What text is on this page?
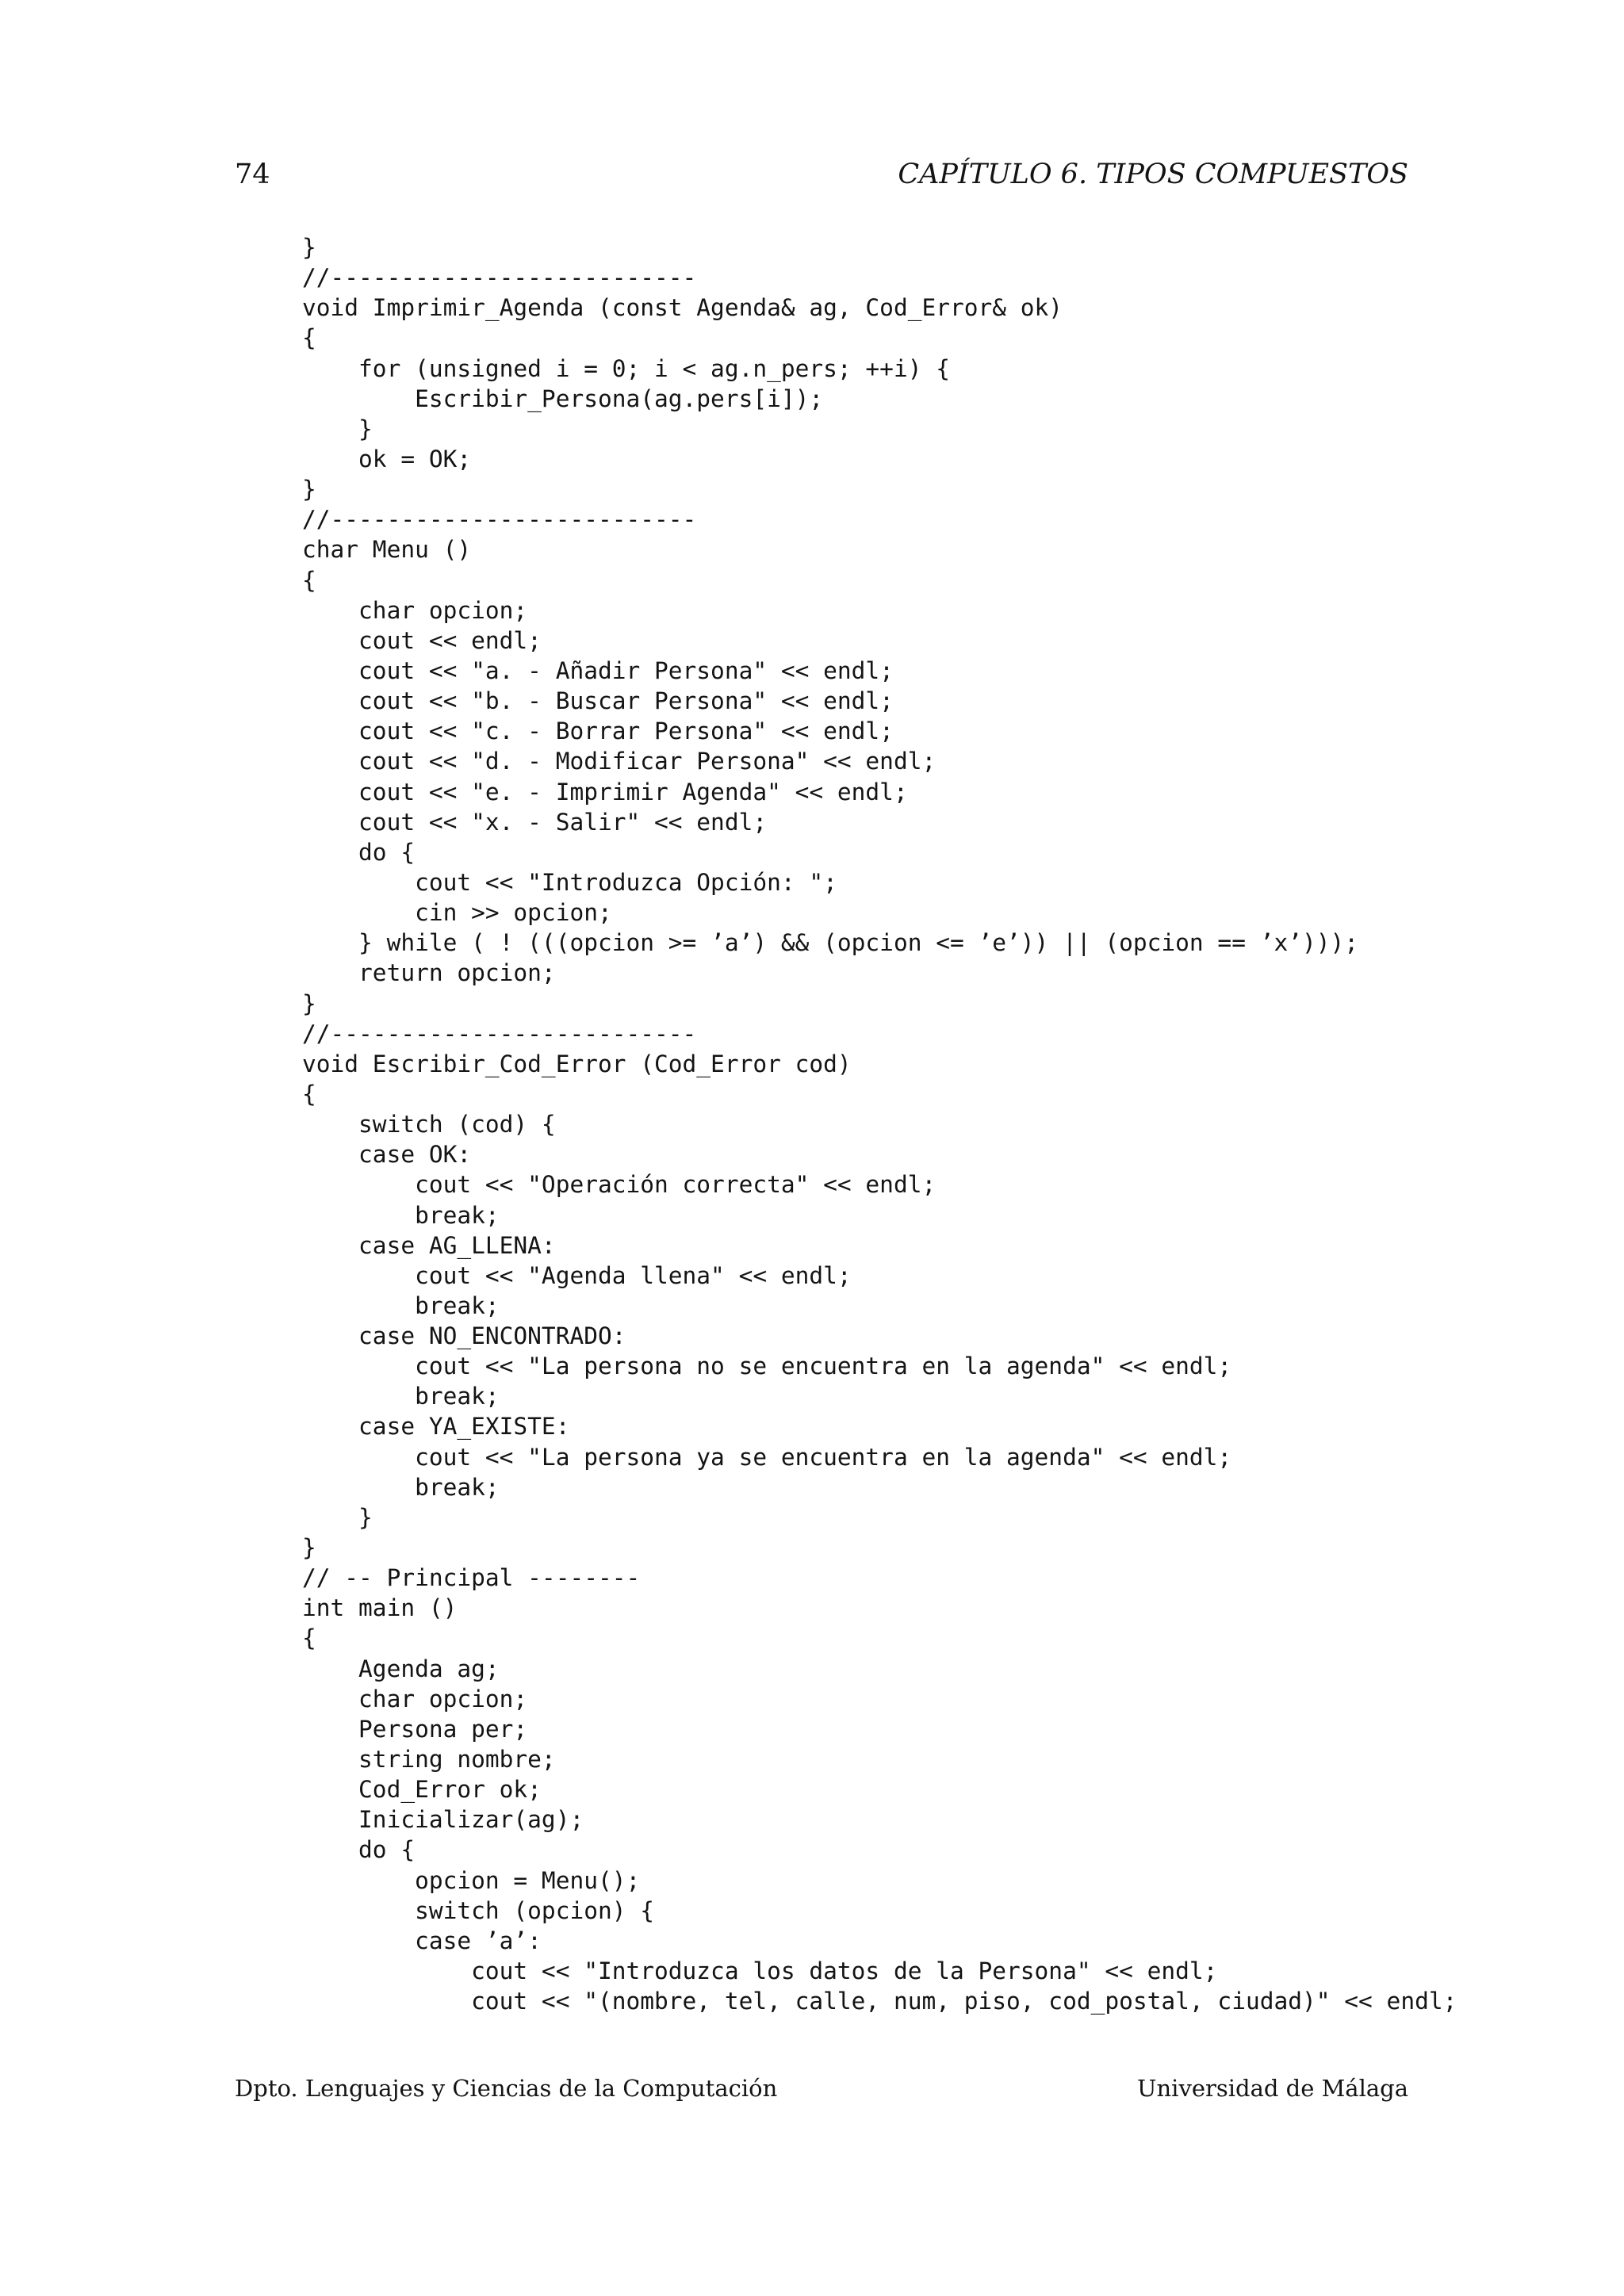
74	CAPÍTULO 6. TIPOS COMPUESTOS
}
//--------------------------
void Imprimir_Agenda (const Agenda& ag, Cod_Error& ok)
{
for (unsigned i = 0; i < ag.n_pers; ++i) {
Escribir_Persona(ag.pers[i]);
}
ok = OK;
}
//--------------------------
char Menu ()
{
char opcion;
cout << endl;
cout << "a. - Añadir Persona" << endl;
cout << "b. - Buscar Persona" << endl;
cout << "c. - Borrar Persona" << endl;
cout << "d. - Modificar Persona" << endl;
cout << "e. - Imprimir Agenda" << endl;
cout << "x. - Salir" << endl;
do {
cout << "Introduzca Opción: ";
cin >> opcion;
} while ( ! (((opcion >= ’a’) && (opcion <= ’e’)) || (opcion == ’x’)));
return opcion;
}
//--------------------------
void Escribir_Cod_Error (Cod_Error cod)
{
switch (cod) {
case OK:
cout << "Operación correcta" << endl;
break;
case AG_LLENA:
cout << "Agenda llena" << endl;
break;
case NO_ENCONTRADO:
cout << "La persona no se encuentra en la agenda" << endl;
break;
case YA_EXISTE:
cout << "La persona ya se encuentra en la agenda" << endl;
break;
}
}
// -- Principal --------
int main ()
{
Agenda ag;
char opcion;
Persona per;
string nombre;
Cod_Error ok;
Inicializar(ag);
do {
opcion = Menu();
switch (opcion) {
case ’a’:
cout << "Introduzca los datos de la Persona" << endl;
cout << "(nombre, tel, calle, num, piso, cod_postal, ciudad)" << endl;
Dpto. Lenguajes y Ciencias de la Computación	Universidad de Málaga
